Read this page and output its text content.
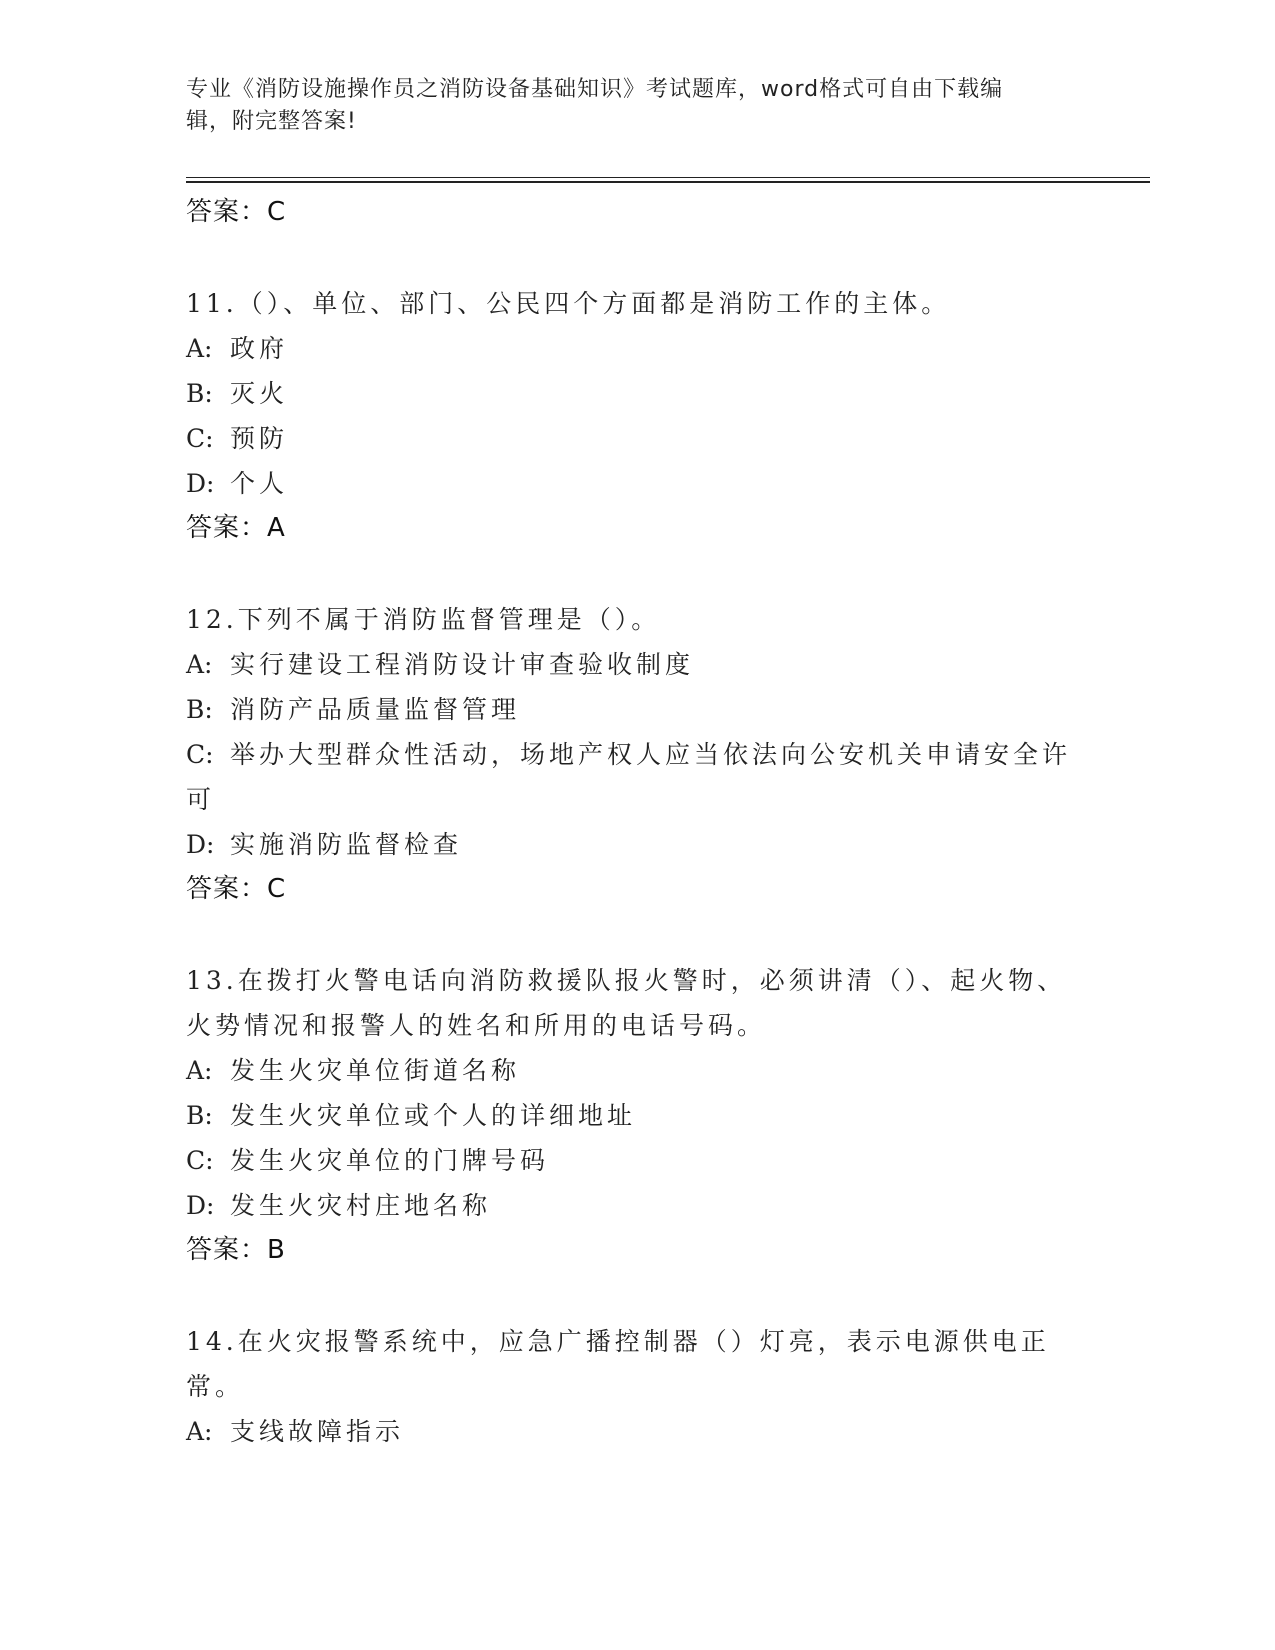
专业《消防设施操作员之消防设备基础知识》考试题库，word格式可自由下载编
辑，附完整答案!
答案：C
11.（）、单位、部门、公民四个方面都是消防工作的主体。
A: 政府
B: 灭火
C: 预防
D: 个人
答案：A
12.下列不属于消防监督管理是（）。
A: 实行建设工程消防设计审查验收制度
B: 消防产品质量监督管理
C: 举办大型群众性活动，场地产权人应当依法向公安机关申请安全许可
D: 实施消防监督检查
答案：C
13.在拨打火警电话向消防救援队报火警时，必须讲清（）、起火物、火势情况和报警人的姓名和所用的电话号码。
A: 发生火灾单位街道名称
B: 发生火灾单位或个人的详细地址
C: 发生火灾单位的门牌号码
D: 发生火灾村庄地名称
答案：B
14.在火灾报警系统中，应急广播控制器（）灯亮，表示电源供电正常。
A: 支线故障指示
